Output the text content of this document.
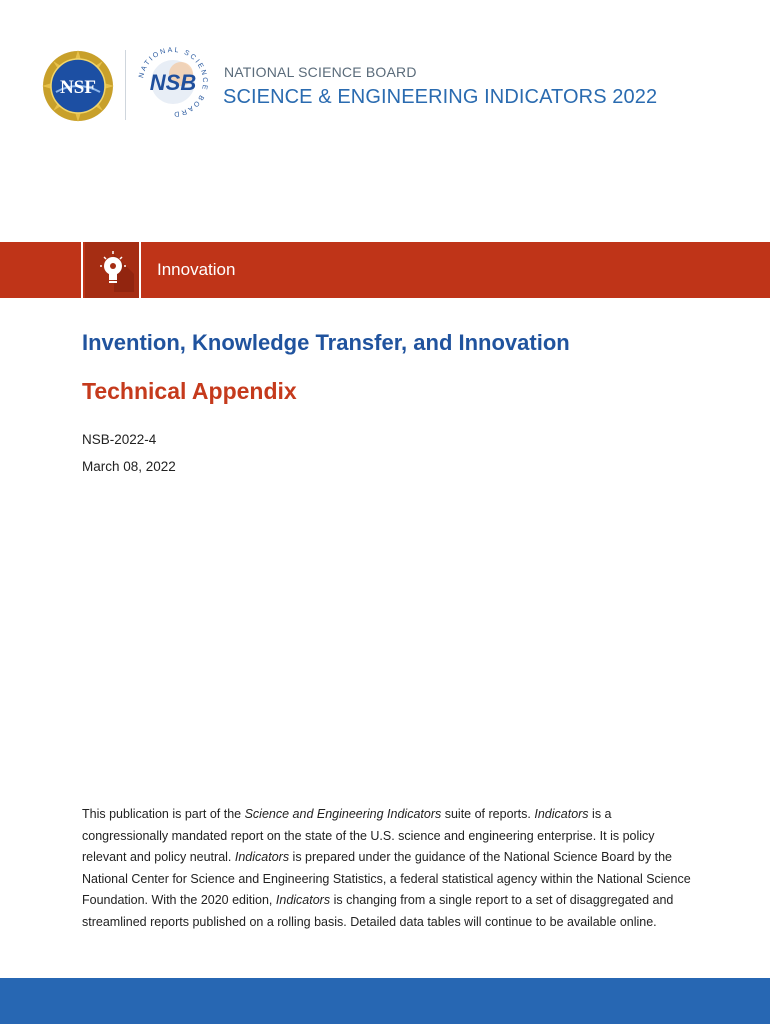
NSF
NATIONAL SCIENCE BOARD
NSB NATIONAL SCIENCE BOARD
SCIENCE & ENGINEERING INDICATORS 2022
Innovation
Invention, Knowledge Transfer, and Innovation
Technical Appendix
NSB-2022-4
March 08, 2022

This publication is part of the Science and Engineering Indicators suite of reports. Indicators is a congressionally mandated report on the state of the U.S. science and engineering enterprise. It is policy relevant and policy neutral. Indicators is prepared under the guidance of the National Science Board by the National Center for Science and Engineering Statistics, a federal statistical agency within the National Science Foundation. With the 2020 edition, Indicators is changing from a single report to a set of disaggregated and streamlined reports published on a rolling basis. Detailed data tables will continue to be available online.
